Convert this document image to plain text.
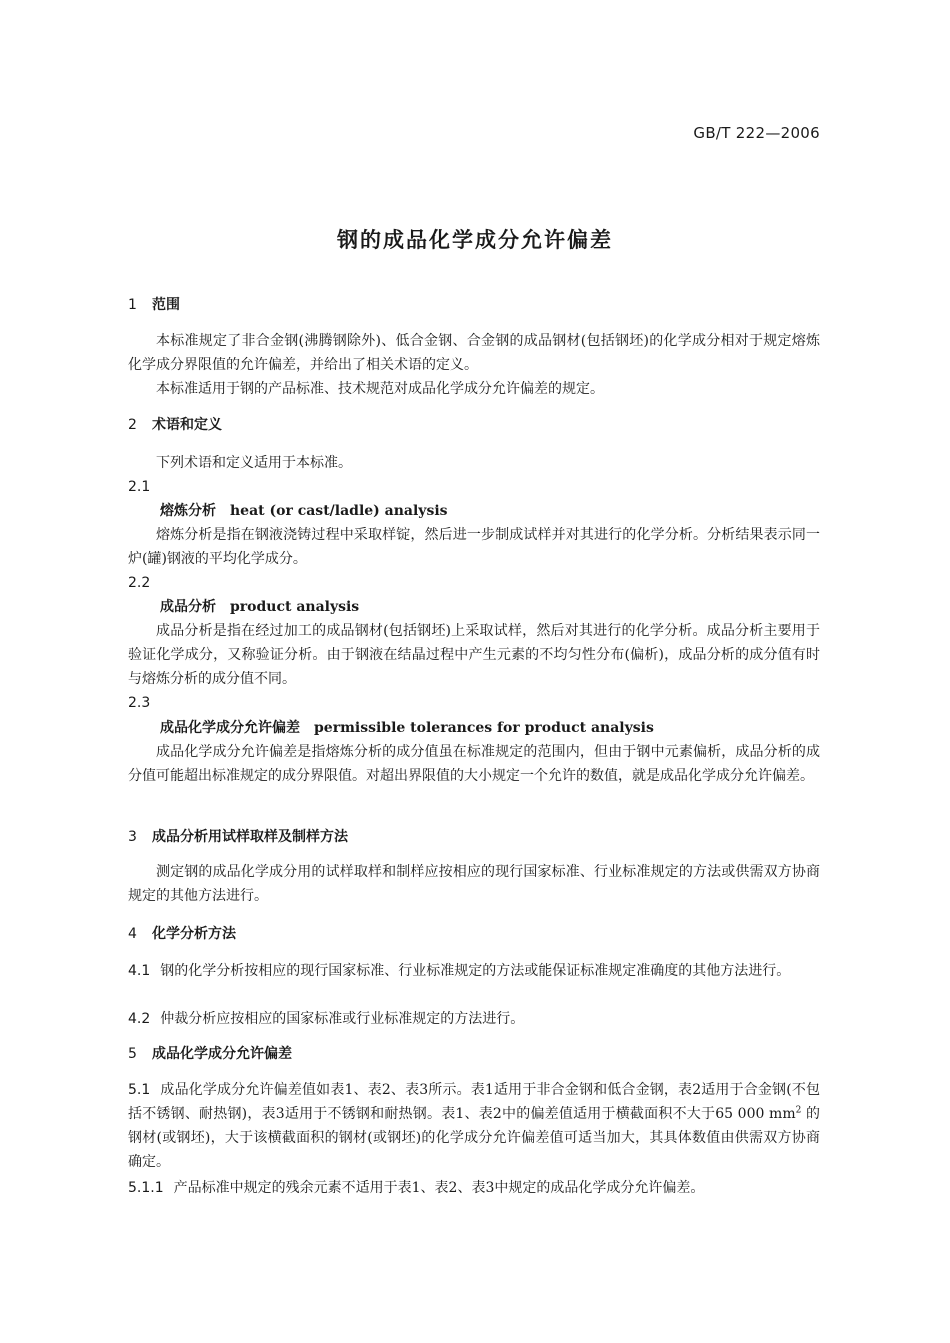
GB/T 222—2006
钢的成品化学成分允许偏差
1 范围
本标准规定了非合金钢(沸腾钢除外)、低合金钢、合金钢的成品钢材(包括钢坯)的化学成分相对于规定熔炼化学成分界限值的允许偏差，并给出了相关术语的定义。
本标准适用于钢的产品标准、技术规范对成品化学成分允许偏差的规定。
2 术语和定义
下列术语和定义适用于本标准。
2.1
熔炼分析 heat (or cast/ladle) analysis
熔炼分析是指在钢液浇铸过程中采取样锭，然后进一步制成试样并对其进行的化学分析。分析结果表示同一炉(罐)钢液的平均化学成分。
2.2
成品分析 product analysis
成品分析是指在经过加工的成品钢材(包括钢坯)上采取试样，然后对其进行的化学分析。成品分析主要用于验证化学成分，又称验证分析。由于钢液在结晶过程中产生元素的不均匀性分布(偏析)，成品分析的成分值有时与熔炼分析的成分值不同。
2.3
成品化学成分允许偏差 permissible tolerances for product analysis
成品化学成分允许偏差是指熔炼分析的成分值虽在标准规定的范围内，但由于钢中元素偏析，成品分析的成分值可能超出标准规定的成分界限值。对超出界限值的大小规定一个允许的数值，就是成品化学成分允许偏差。
3 成品分析用试样取样及制样方法
测定钢的成品化学成分用的试样取样和制样应按相应的现行国家标准、行业标准规定的方法或供需双方协商规定的其他方法进行。
4 化学分析方法
4.1 钢的化学分析按相应的现行国家标准、行业标准规定的方法或能保证标准规定准确度的其他方法进行。
4.2 仲裁分析应按相应的国家标准或行业标准规定的方法进行。
5 成品化学成分允许偏差
5.1 成品化学成分允许偏差值如表1、表2、表3所示。表1适用于非合金钢和低合金钢，表2适用于合金钢(不包括不锈钢、耐热钢)，表3适用于不锈钢和耐热钢。表1、表2中的偏差值适用于横截面积不大于65 000 $mm^2$ 的钢材(或钢坯)，大于该横截面积的钢材(或钢坯)的化学成分允许偏差值可适当加大，其具体数值由供需双方协商确定。
5.1.1 产品标准中规定的残余元素不适用于表1、表2、表3中规定的成品化学成分允许偏差。
